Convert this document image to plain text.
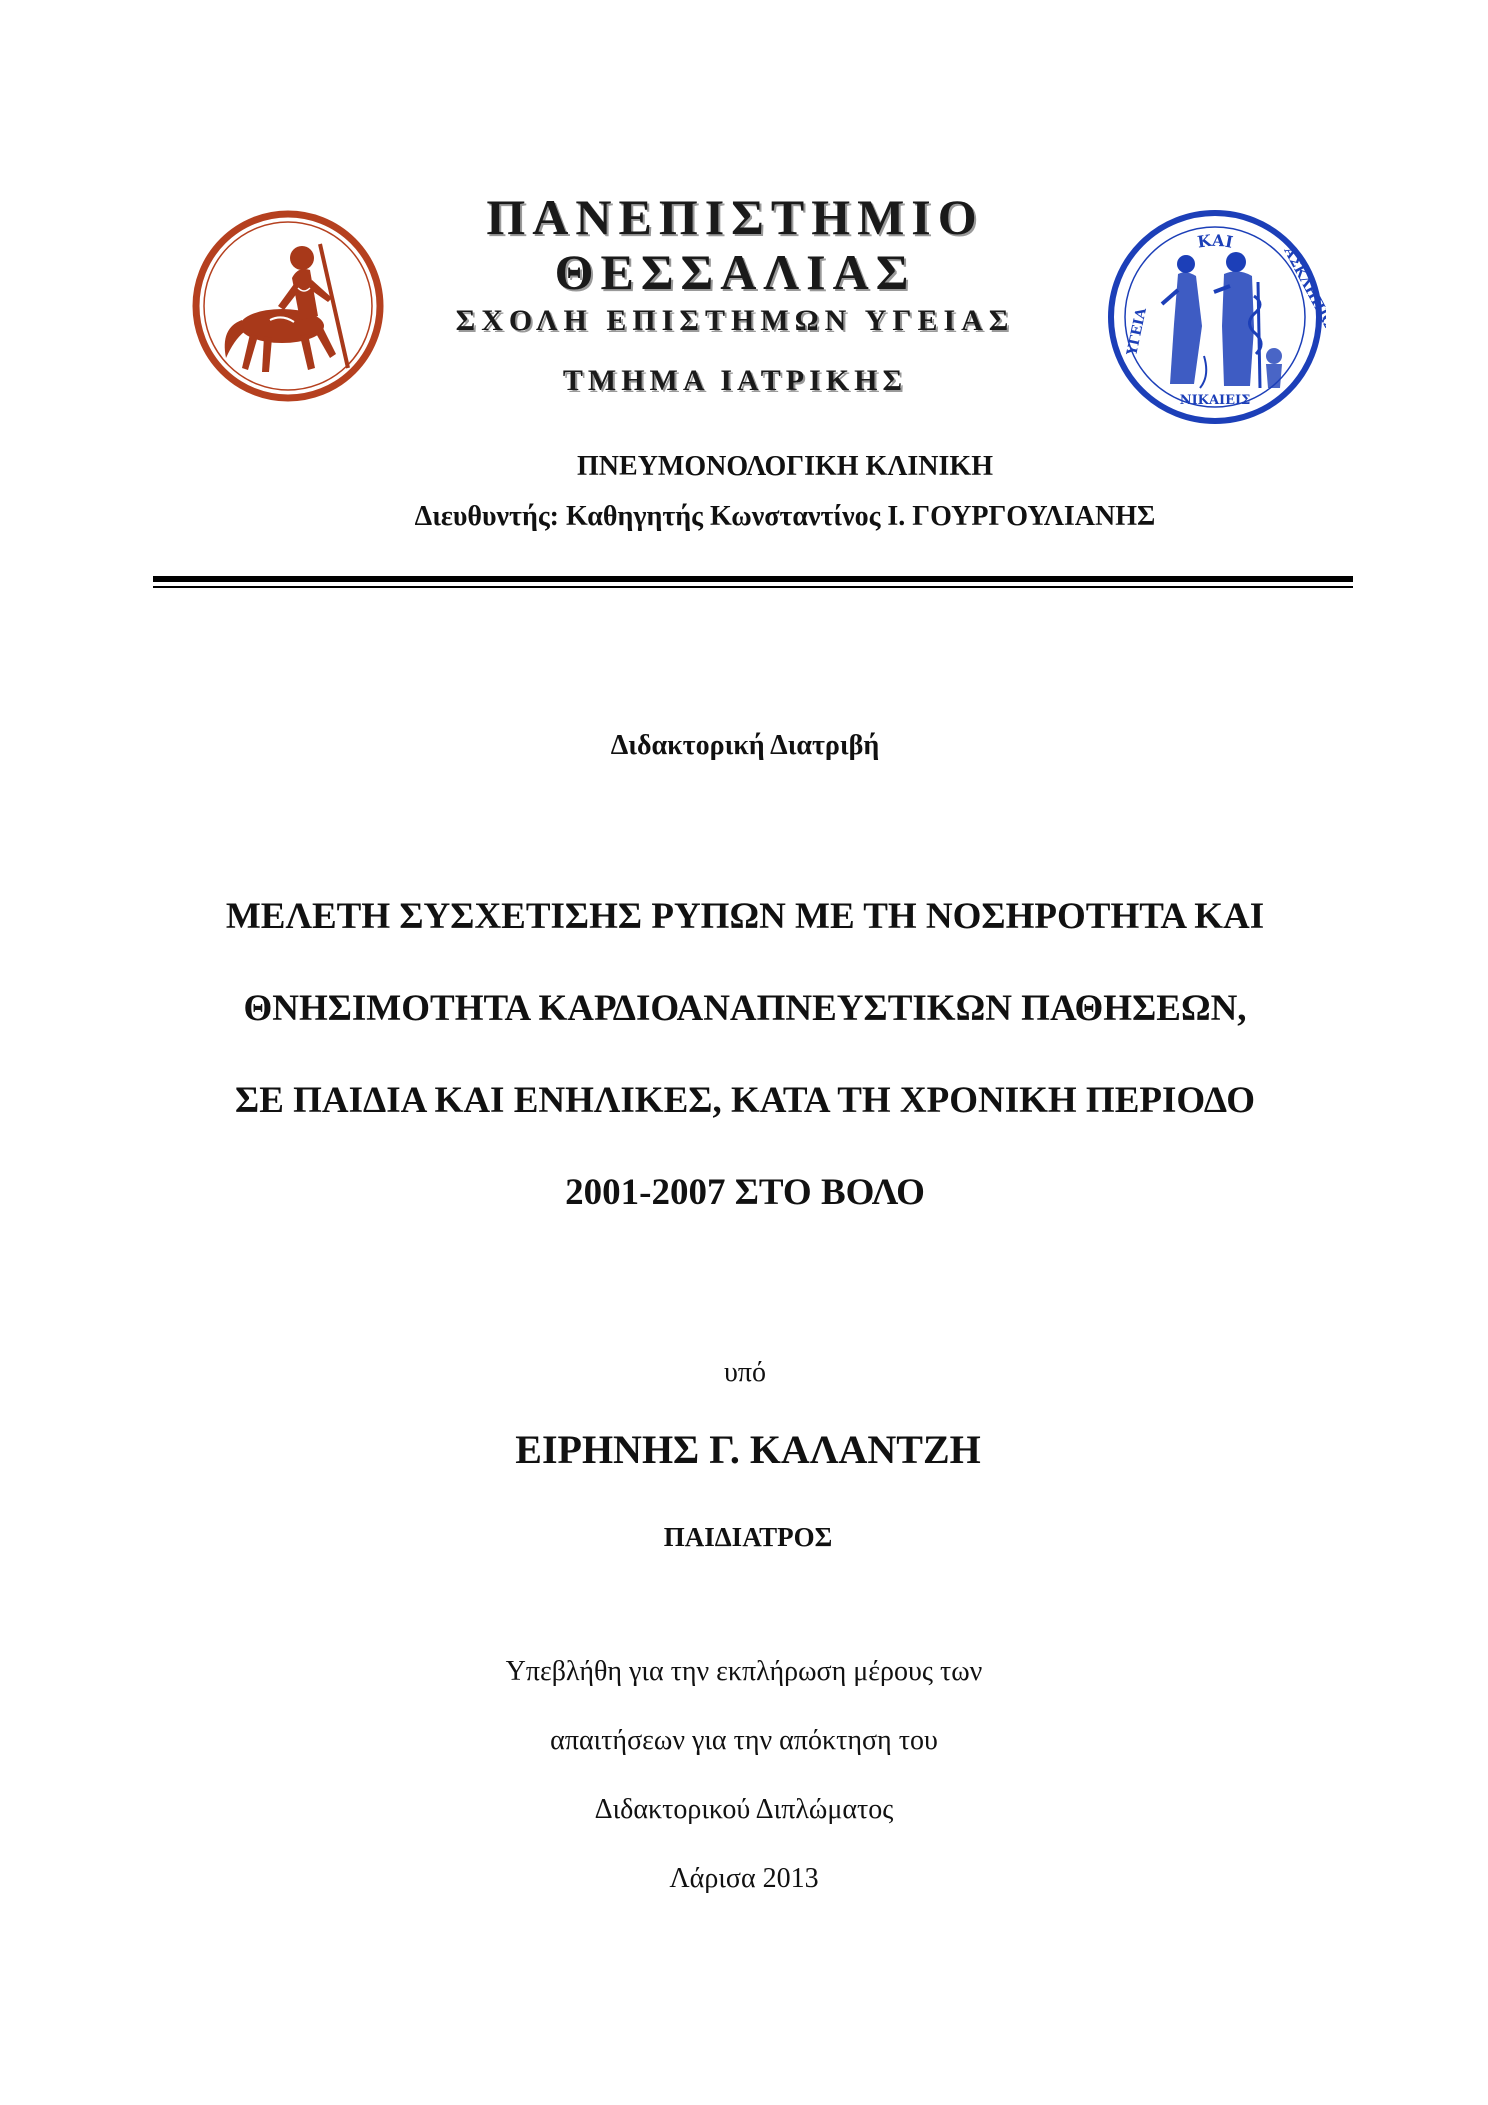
ΚΑΙ
ΑΣΚΛΗΠΙΩ
ΥΓΕΙΑ
ΝΙΚΑΙΕΙΣ
ΠΑΝΕΠΙΣΤΗΜΙΟ
ΘΕΣΣΑΛΙΑΣ
ΣΧΟΛΗ ΕΠΙΣΤΗΜΩΝ ΥΓΕΙΑΣ
ΤΜΗΜΑ ΙΑΤΡΙΚΗΣ
ΠΝΕΥΜΟΝΟΛΟΓΙΚΗ ΚΛΙΝΙΚΗ
Διευθυντής: Καθηγητής Κωνσταντίνος Ι. ΓΟΥΡΓΟΥΛΙΑΝΗΣ
Διδακτορική Διατριβή
ΜΕΛΕΤΗ ΣΥΣΧΕΤΙΣΗΣ ΡΥΠΩΝ ΜΕ ΤΗ ΝΟΣΗΡΟΤΗΤΑ ΚΑΙ
ΘΝΗΣΙΜΟΤΗΤΑ ΚΑΡΔΙΟΑΝΑΠΝΕΥΣΤΙΚΩΝ ΠΑΘΗΣΕΩΝ,
ΣΕ ΠΑΙΔΙΑ ΚΑΙ ΕΝΗΛΙΚΕΣ, ΚΑΤΑ ΤΗ ΧΡΟΝΙΚΗ ΠΕΡΙΟΔΟ
2001-2007 ΣΤΟ ΒΟΛΟ
υπό
ΕΙΡΗΝΗΣ Γ. ΚΑΛΑΝΤΖΗ
ΠΑΙΔΙΑΤΡΟΣ
Υπεβλήθη για την εκπλήρωση μέρους των
απαιτήσεων για την απόκτηση του
Διδακτορικού Διπλώματος
Λάρισα 2013
